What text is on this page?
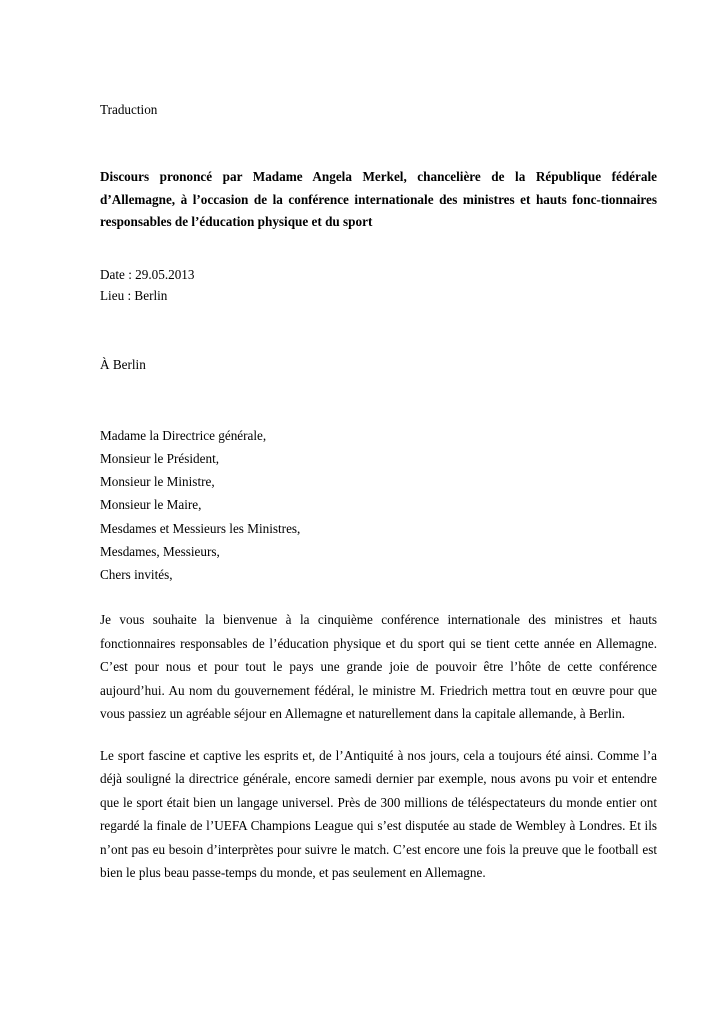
Traduction

Discours prononcé par Madame Angela Merkel, chancelière de la République fédérale d’Allemagne, à l’occasion de la conférence internationale des ministres et hauts fonc-tionnaires responsables de l’éducation physique et du sport

Date : 29.05.2013

Lieu : Berlin

À Berlin

Madame la Directrice générale,

Monsieur le Président,

Monsieur le Ministre,

Monsieur le Maire,

Mesdames et Messieurs les Ministres,

Mesdames, Messieurs,

Chers invités,

Je vous souhaite la bienvenue à la cinquième conférence internationale des ministres et hauts fonctionnaires responsables de l’éducation physique et du sport qui se tient cette année en Allemagne. C’est pour nous et pour tout le pays une grande joie de pouvoir être l’hôte de cette conférence aujourd’hui. Au nom du gouvernement fédéral, le ministre M. Friedrich mettra tout en œuvre pour que vous passiez un agréable séjour en Allemagne et naturellement dans la capitale allemande, à Berlin.

Le sport fascine et captive les esprits et, de l’Antiquité à nos jours, cela a toujours été ainsi. Comme l’a déjà souligné la directrice générale, encore samedi dernier par exemple, nous avons pu voir et entendre que le sport était bien un langage universel. Près de 300 millions de téléspectateurs du monde entier ont regardé la finale de l’UEFA Champions League qui s’est disputée au stade de Wembley à Londres. Et ils n’ont pas eu besoin d’interprètes pour suivre le match. C’est encore une fois la preuve que le football est bien le plus beau passe-temps du monde, et pas seulement en Allemagne.
